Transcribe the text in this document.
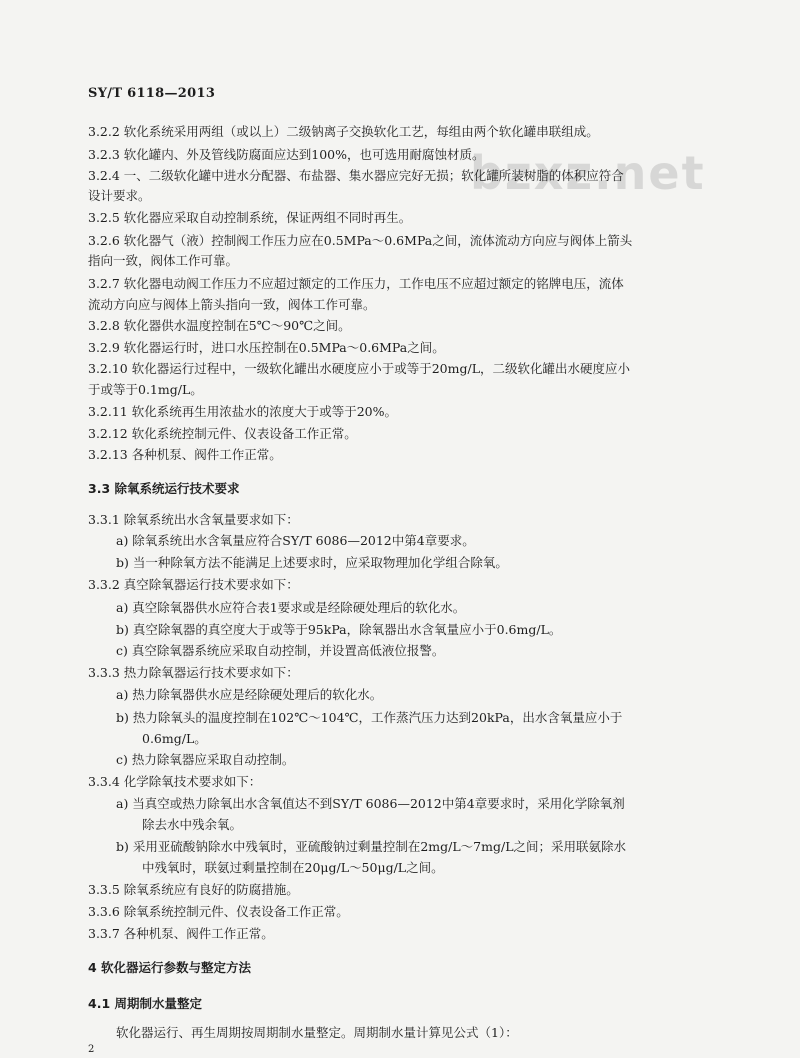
SY/T 6118—2013
bzxz.net
3.2.2 软化系统采用两组（或以上）二级钠离子交换软化工艺，每组由两个软化罐串联组成。
3.2.3 软化罐内、外及管线防腐面应达到100%，也可选用耐腐蚀材质。
3.2.4 一、二级软化罐中进水分配器、布盐器、集水器应完好无损；软化罐所装树脂的体积应符合
设计要求。
3.2.5 软化器应采取自动控制系统，保证两组不同时再生。
3.2.6 软化器气（液）控制阀工作压力应在0.5MPa～0.6MPa之间，流体流动方向应与阀体上箭头
指向一致，阀体工作可靠。
3.2.7 软化器电动阀工作压力不应超过额定的工作压力，工作电压不应超过额定的铭牌电压，流体
流动方向应与阀体上箭头指向一致，阀体工作可靠。
3.2.8 软化器供水温度控制在5℃～90℃之间。
3.2.9 软化器运行时，进口水压控制在0.5MPa～0.6MPa之间。
3.2.10 软化器运行过程中，一级软化罐出水硬度应小于或等于20mg/L，二级软化罐出水硬度应小
于或等于0.1mg/L。
3.2.11 软化系统再生用浓盐水的浓度大于或等于20%。
3.2.12 软化系统控制元件、仪表设备工作正常。
3.2.13 各种机泵、阀件工作正常。
3.3 除氧系统运行技术要求
3.3.1 除氧系统出水含氧量要求如下：
a) 除氧系统出水含氧量应符合SY/T 6086—2012中第4章要求。
b) 当一种除氧方法不能满足上述要求时，应采取物理加化学组合除氧。
3.3.2 真空除氧器运行技术要求如下：
a) 真空除氧器供水应符合表1要求或是经除硬处理后的软化水。
b) 真空除氧器的真空度大于或等于95kPa，除氧器出水含氧量应小于0.6mg/L。
c) 真空除氧器系统应采取自动控制，并设置高低液位报警。
3.3.3 热力除氧器运行技术要求如下：
a) 热力除氧器供水应是经除硬处理后的软化水。
b) 热力除氧头的温度控制在102℃～104℃，工作蒸汽压力达到20kPa，出水含氧量应小于
0.6mg/L。
c) 热力除氧器应采取自动控制。
3.3.4 化学除氧技术要求如下：
a) 当真空或热力除氧出水含氧值达不到SY/T 6086—2012中第4章要求时，采用化学除氧剂
除去水中残余氧。
b) 采用亚硫酸钠除水中残氧时，亚硫酸钠过剩量控制在2mg/L～7mg/L之间；采用联氨除水
中残氧时，联氨过剩量控制在20μg/L～50μg/L之间。
3.3.5 除氧系统应有良好的防腐措施。
3.3.6 除氧系统控制元件、仪表设备工作正常。
3.3.7 各种机泵、阀件工作正常。
4 软化器运行参数与整定方法
4.1 周期制水量整定
软化器运行、再生周期按周期制水量整定。周期制水量计算见公式（1）：
2
